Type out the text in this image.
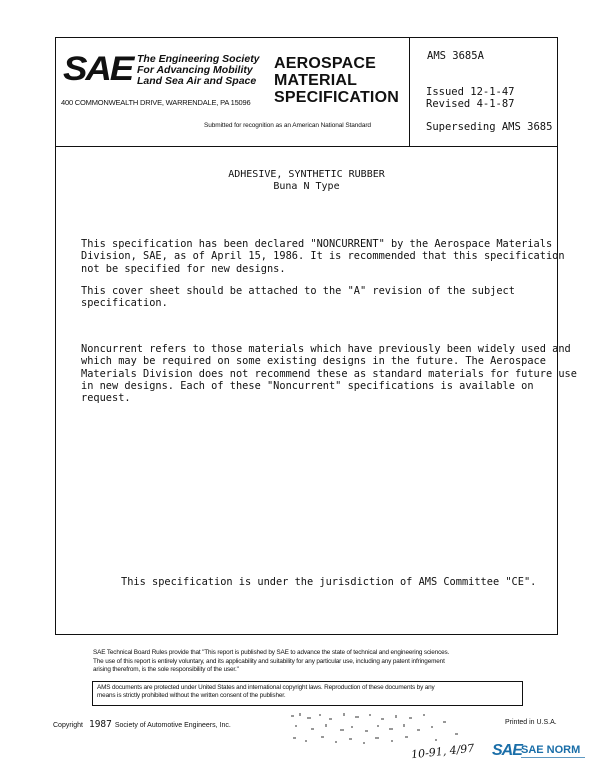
SAE The Engineering Society
For Advancing Mobility
Land Sea Air and Space
400 COMMONWEALTH DRIVE, WARRENDALE, PA 15096
AEROSPACE
MATERIAL
SPECIFICATION
Submitted for recognition as an American National Standard
AMS 3685A
Issued 12-1-47
Revised 4-1-87
Superseding AMS 3685
ADHESIVE, SYNTHETIC RUBBER
Buna N Type
This specification has been declared "NONCURRENT" by the Aerospace Materials
Division, SAE, as of April 15, 1986. It is recommended that this specification
not be specified for new designs.
This cover sheet should be attached to the "A" revision of the subject
specification.
Noncurrent refers to those materials which have previously been widely used and
which may be required on some existing designs in the future. The Aerospace
Materials Division does not recommend these as standard materials for future use
in new designs. Each of these "Noncurrent" specifications is available on
request.
This specification is under the jurisdiction of AMS Committee "CE".
SAE Technical Board Rules provide that "This report is published by SAE to advance the state of technical and engineering sciences.
The use of this report is entirely voluntary, and its applicability and suitability for any particular use, including any patent infringement
arising therefrom, is the sole responsibility of the user."
AMS documents are protected under United States and international copyright laws. Reproduction of these documents by any
means is strictly prohibited without the written consent of the publisher.
Copyright 1987 Society of Automotive Engineers, Inc.	Printed in U.S.A.
10-91, 4/97 SAE SAE NORM
